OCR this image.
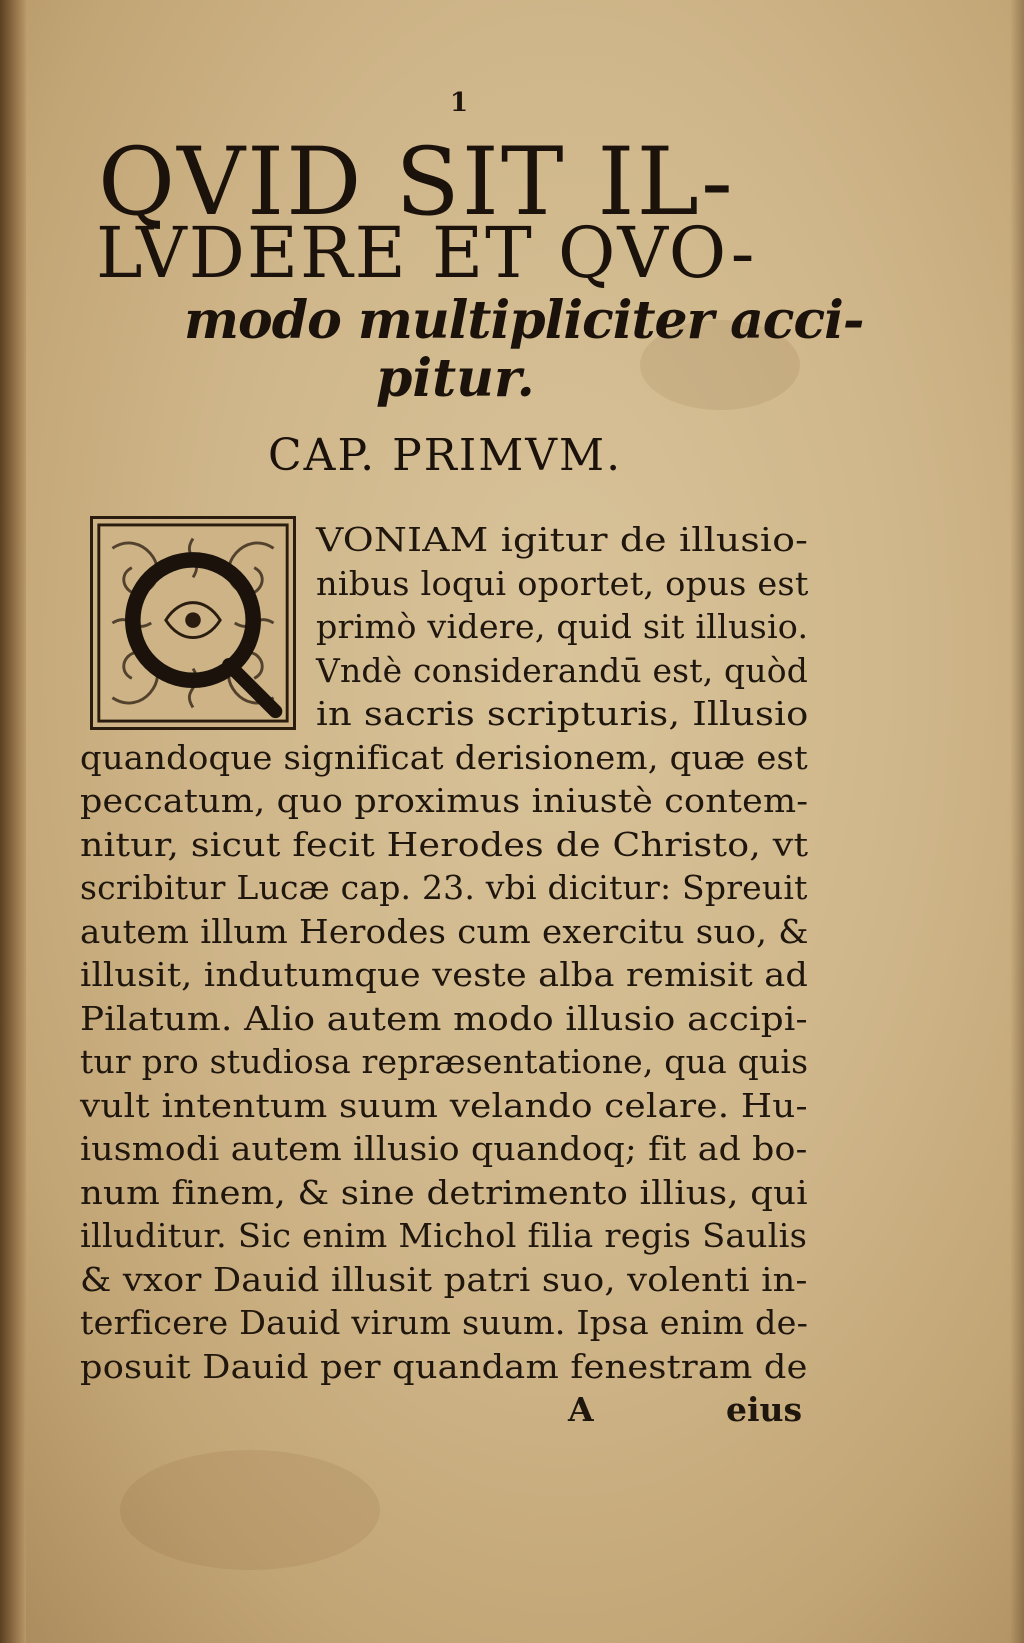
1
QVID SIT IL-
LVDERE ET QVO-
modo multipliciter acci-
pitur.
CAP. PRIMVM.
VONIAM igitur de illusio-
nibus loqui oportet, opus est
primò videre, quid sit illusio.
Vndè considerandū est, quòd
in sacris scripturis, Illusio
quandoque significat derisionem, quæ est
peccatum, quo proximus iniustè contem-
nitur, sicut fecit Herodes de Christo, vt
scribitur Lucæ cap. 23. vbi dicitur: Spreuit
autem illum Herodes cum exercitu suo, &
illusit, indutumque veste alba remisit ad
Pilatum. Alio autem modo illusio accipi-
tur pro studiosa repræsentatione, qua quis
vult intentum suum velando celare. Hu-
iusmodi autem illusio quandoq; fit ad bo-
num finem, & sine detrimento illius, qui
illuditur. Sic enim Michol filia regis Saulis
& vxor Dauid illusit patri suo, volenti in-
terficere Dauid virum suum. Ipsa enim de-
posuit Dauid per quandam fenestram de
A	eius
